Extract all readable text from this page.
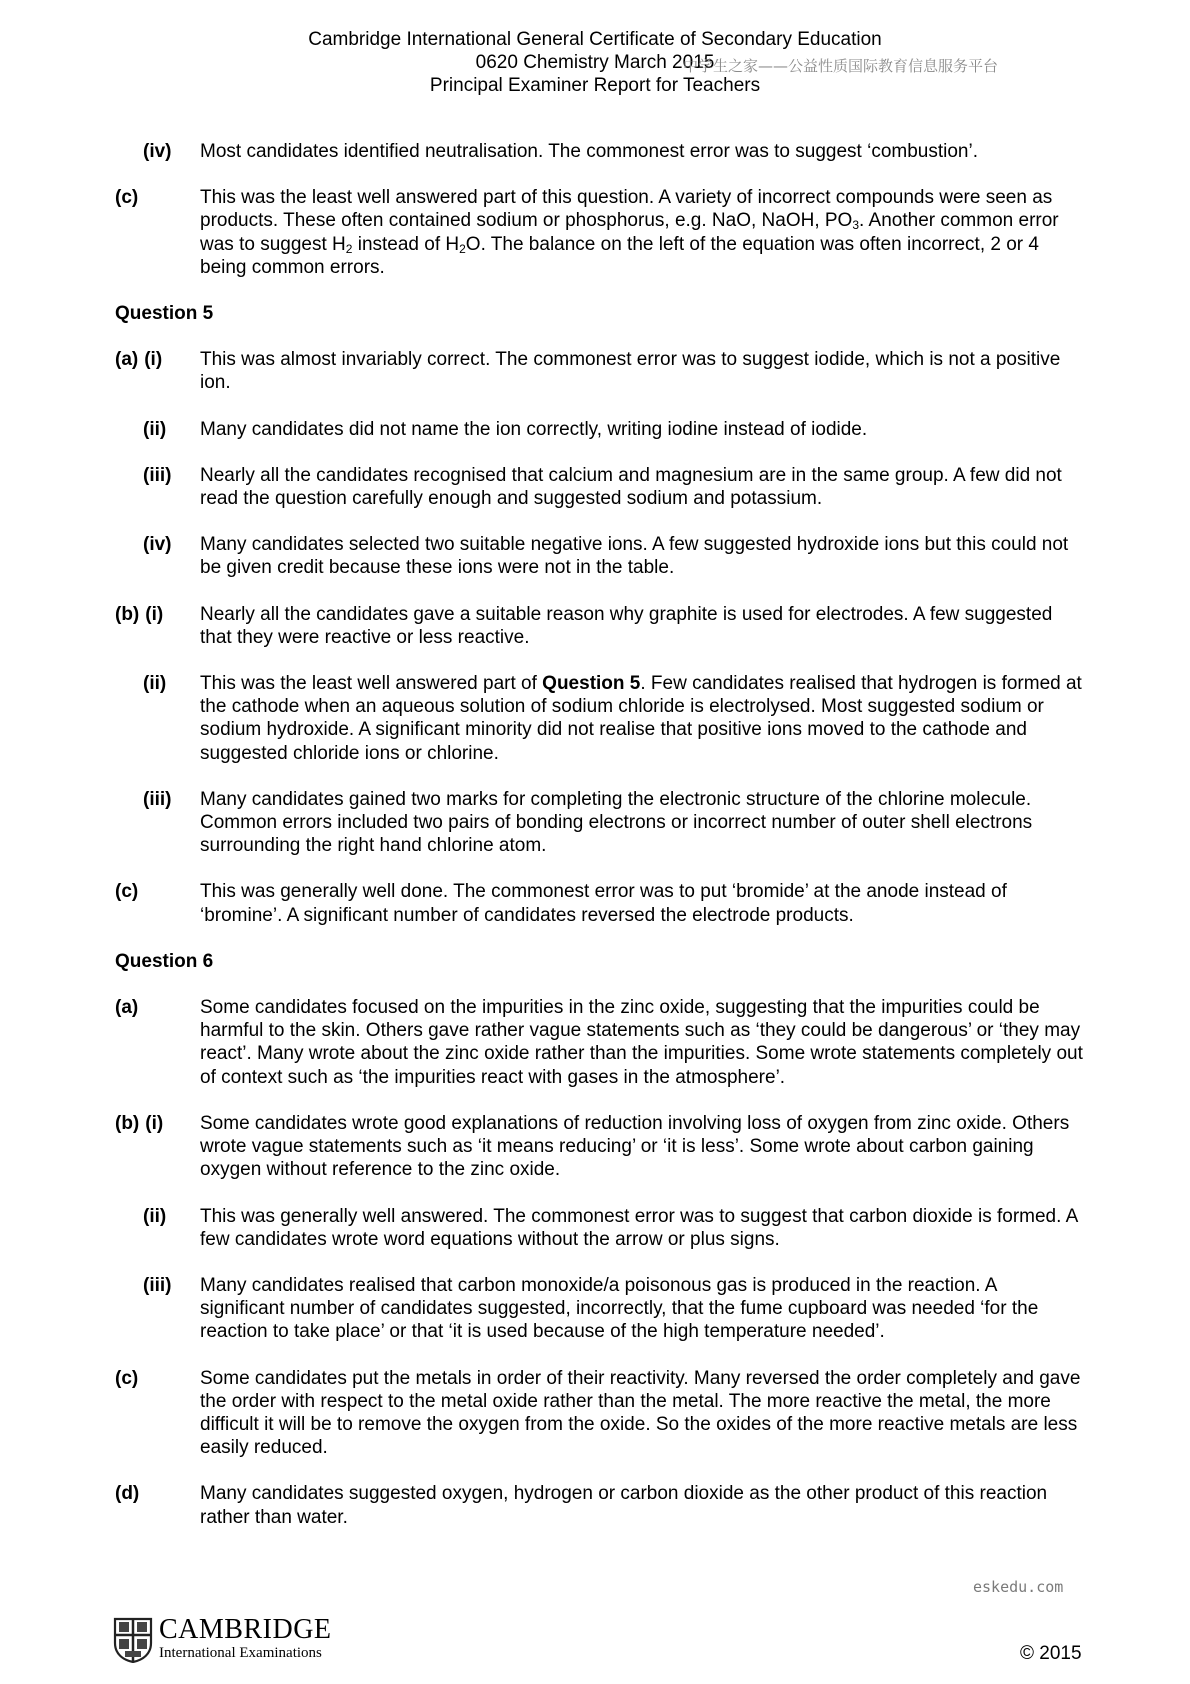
Cambridge International General Certificate of Secondary Education
0620 Chemistry March 2015
Principal Examiner Report for Teachers
中学生之家——公益性质国际教育信息服务平台
(iv) Most candidates identified neutralisation. The commonest error was to suggest ‘combustion’.
(c)	This was the least well answered part of this question. A variety of incorrect compounds were seen as products. These often contained sodium or phosphorus, e.g. NaO, NaOH, $PO_3$. Another common error was to suggest $H_2$ instead of $H_2O$. The balance on the left of the equation was often incorrect, 2 or 4 being common errors.
Question 5
(a) (i) This was almost invariably correct. The commonest error was to suggest iodide, which is not a positive ion.
(ii) Many candidates did not name the ion correctly, writing iodine instead of iodide.
(iii) Nearly all the candidates recognised that calcium and magnesium are in the same group. A few did not read the question carefully enough and suggested sodium and potassium.
(iv) Many candidates selected two suitable negative ions. A few suggested hydroxide ions but this could not be given credit because these ions were not in the table.
(b) (i) Nearly all the candidates gave a suitable reason why graphite is used for electrodes. A few suggested that they were reactive or less reactive.
(ii) This was the least well answered part of Question 5. Few candidates realised that hydrogen is formed at the cathode when an aqueous solution of sodium chloride is electrolysed. Most suggested sodium or sodium hydroxide. A significant minority did not realise that positive ions moved to the cathode and suggested chloride ions or chlorine.
(iii) Many candidates gained two marks for completing the electronic structure of the chlorine molecule. Common errors included two pairs of bonding electrons or incorrect number of outer shell electrons surrounding the right hand chlorine atom.
(c)	This was generally well done. The commonest error was to put ‘bromide’ at the anode instead of ‘bromine’. A significant number of candidates reversed the electrode products.
Question 6
(a)	Some candidates focused on the impurities in the zinc oxide, suggesting that the impurities could be harmful to the skin. Others gave rather vague statements such as ‘they could be dangerous’ or ‘they may react’. Many wrote about the zinc oxide rather than the impurities. Some wrote statements completely out of context such as ‘the impurities react with gases in the atmosphere’.
(b) (i) Some candidates wrote good explanations of reduction involving loss of oxygen from zinc oxide. Others wrote vague statements such as ‘it means reducing’ or ‘it is less’. Some wrote about carbon gaining oxygen without reference to the zinc oxide.
(ii) This was generally well answered. The commonest error was to suggest that carbon dioxide is formed. A few candidates wrote word equations without the arrow or plus signs.
(iii) Many candidates realised that carbon monoxide/a poisonous gas is produced in the reaction. A significant number of candidates suggested, incorrectly, that the fume cupboard was needed ‘for the reaction to take place’ or that ‘it is used because of the high temperature needed’.
(c)	Some candidates put the metals in order of their reactivity. Many reversed the order completely and gave the order with respect to the metal oxide rather than the metal. The more reactive the metal, the more difficult it will be to remove the oxygen from the oxide. So the oxides of the more reactive metals are less easily reduced.
(d)	Many candidates suggested oxygen, hydrogen or carbon dioxide as the other product of this reaction rather than water.
eskedu.com
CAMBRIDGE
International Examinations	© 2015
